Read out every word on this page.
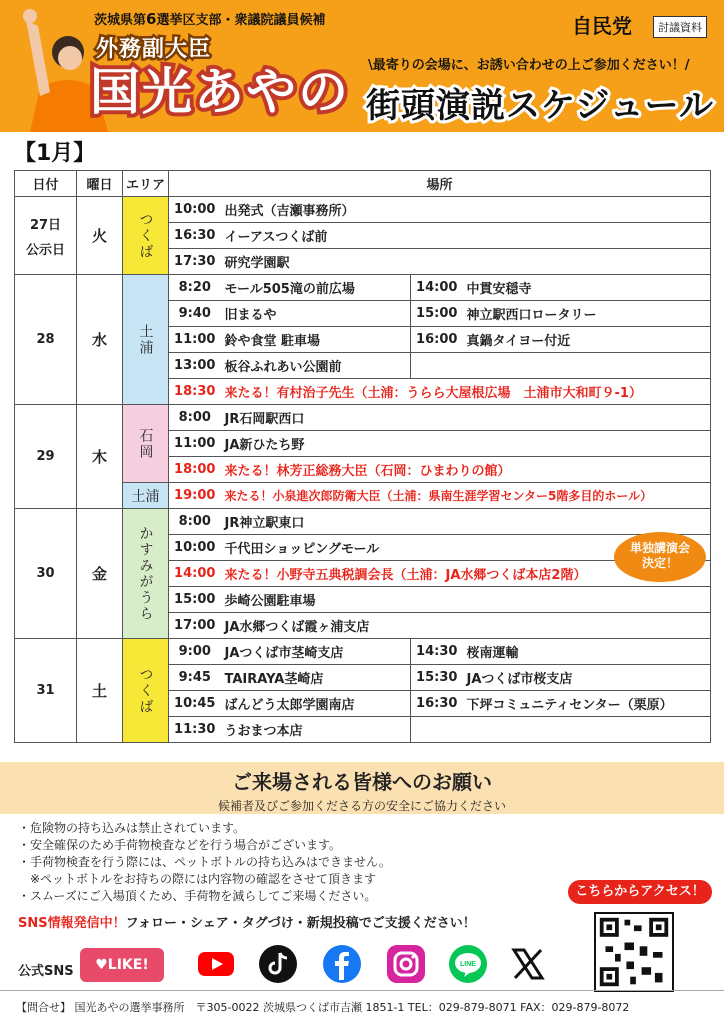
茨城県第6選挙区支部・衆議院議員候補
外務副大臣
国光あやの
自民党	討議資料
\最寄りの会場に、お誘い合わせの上ご参加ください！/
街頭演説スケジュール
【1月】
日付	曜日	エリア	場所			

27日
公示日	火	つくば	10:00	出発式（吉瀬事務所）		
			16:30	イーアスつくば前		
			17:30	研究学園駅		
28	水	土浦	8:20	モール505滝の前広場	14:00	中貫安穏寺
			9:40	旧まるや	15:00	神立駅西口ロータリー
			11:00	鈴や食堂 駐車場	16:00	真鍋タイヨー付近
			13:00	板谷ふれあい公園前		
			18:30	来たる！有村治子先生（土浦：うらら大屋根広場　土浦市大和町９-1）		
29	木	石岡	8:00	JR石岡駅西口		
			11:00	JA新ひたち野		
			18:00	来たる！林芳正総務大臣（石岡：ひまわりの館）		
		土浦	19:00	来たる！小泉進次郎防衛大臣（土浦：県南生涯学習センター5階多目的ホール）		
30	金	かすみがうら	8:00	JR神立駅東口		
			10:00	千代田ショッピングモール		
			14:00	来たる！小野寺五典税調会長（土浦：JA水郷つくば本店2階）		
			15:00	歩崎公園駐車場		
			17:00	JA水郷つくば霞ヶ浦支店		
31	土	つくば	9:00	JAつくば市茎崎支店	14:30	桜南運輸
			9:45	TAIRAYA茎崎店	15:30	JAつくば市桜支店
			10:45	ばんどう太郎学園南店	16:30	下坪コミュニティセンター（栗原）
			11:30	うおまつ本店		
単独講演会
決定！
ご来場される皆様へのお願い
候補者及びご参加くださる方の安全にご協力ください
・危険物の持ち込みは禁止されています。
・安全確保のため手荷物検査などを行う場合がございます。
・手荷物検査を行う際には、ペットボトルの持ち込みはできません。
　※ペットボトルをお持ちの際には内容物の確認をさせて頂きます
・スムーズにご入場頂くため、手荷物を減らしてご来場ください。
SNS情報発信中！フォロー・シェア・タグづけ・新規投稿でご支援ください！
こちらからアクセス！
公式SNS	♥LIKE!	LINE
【問合せ】 国光あやの選挙事務所　〒305-0022 茨城県つくば市吉瀬 1851-1 TEL：029-879-8071 FAX：029-879-8072
